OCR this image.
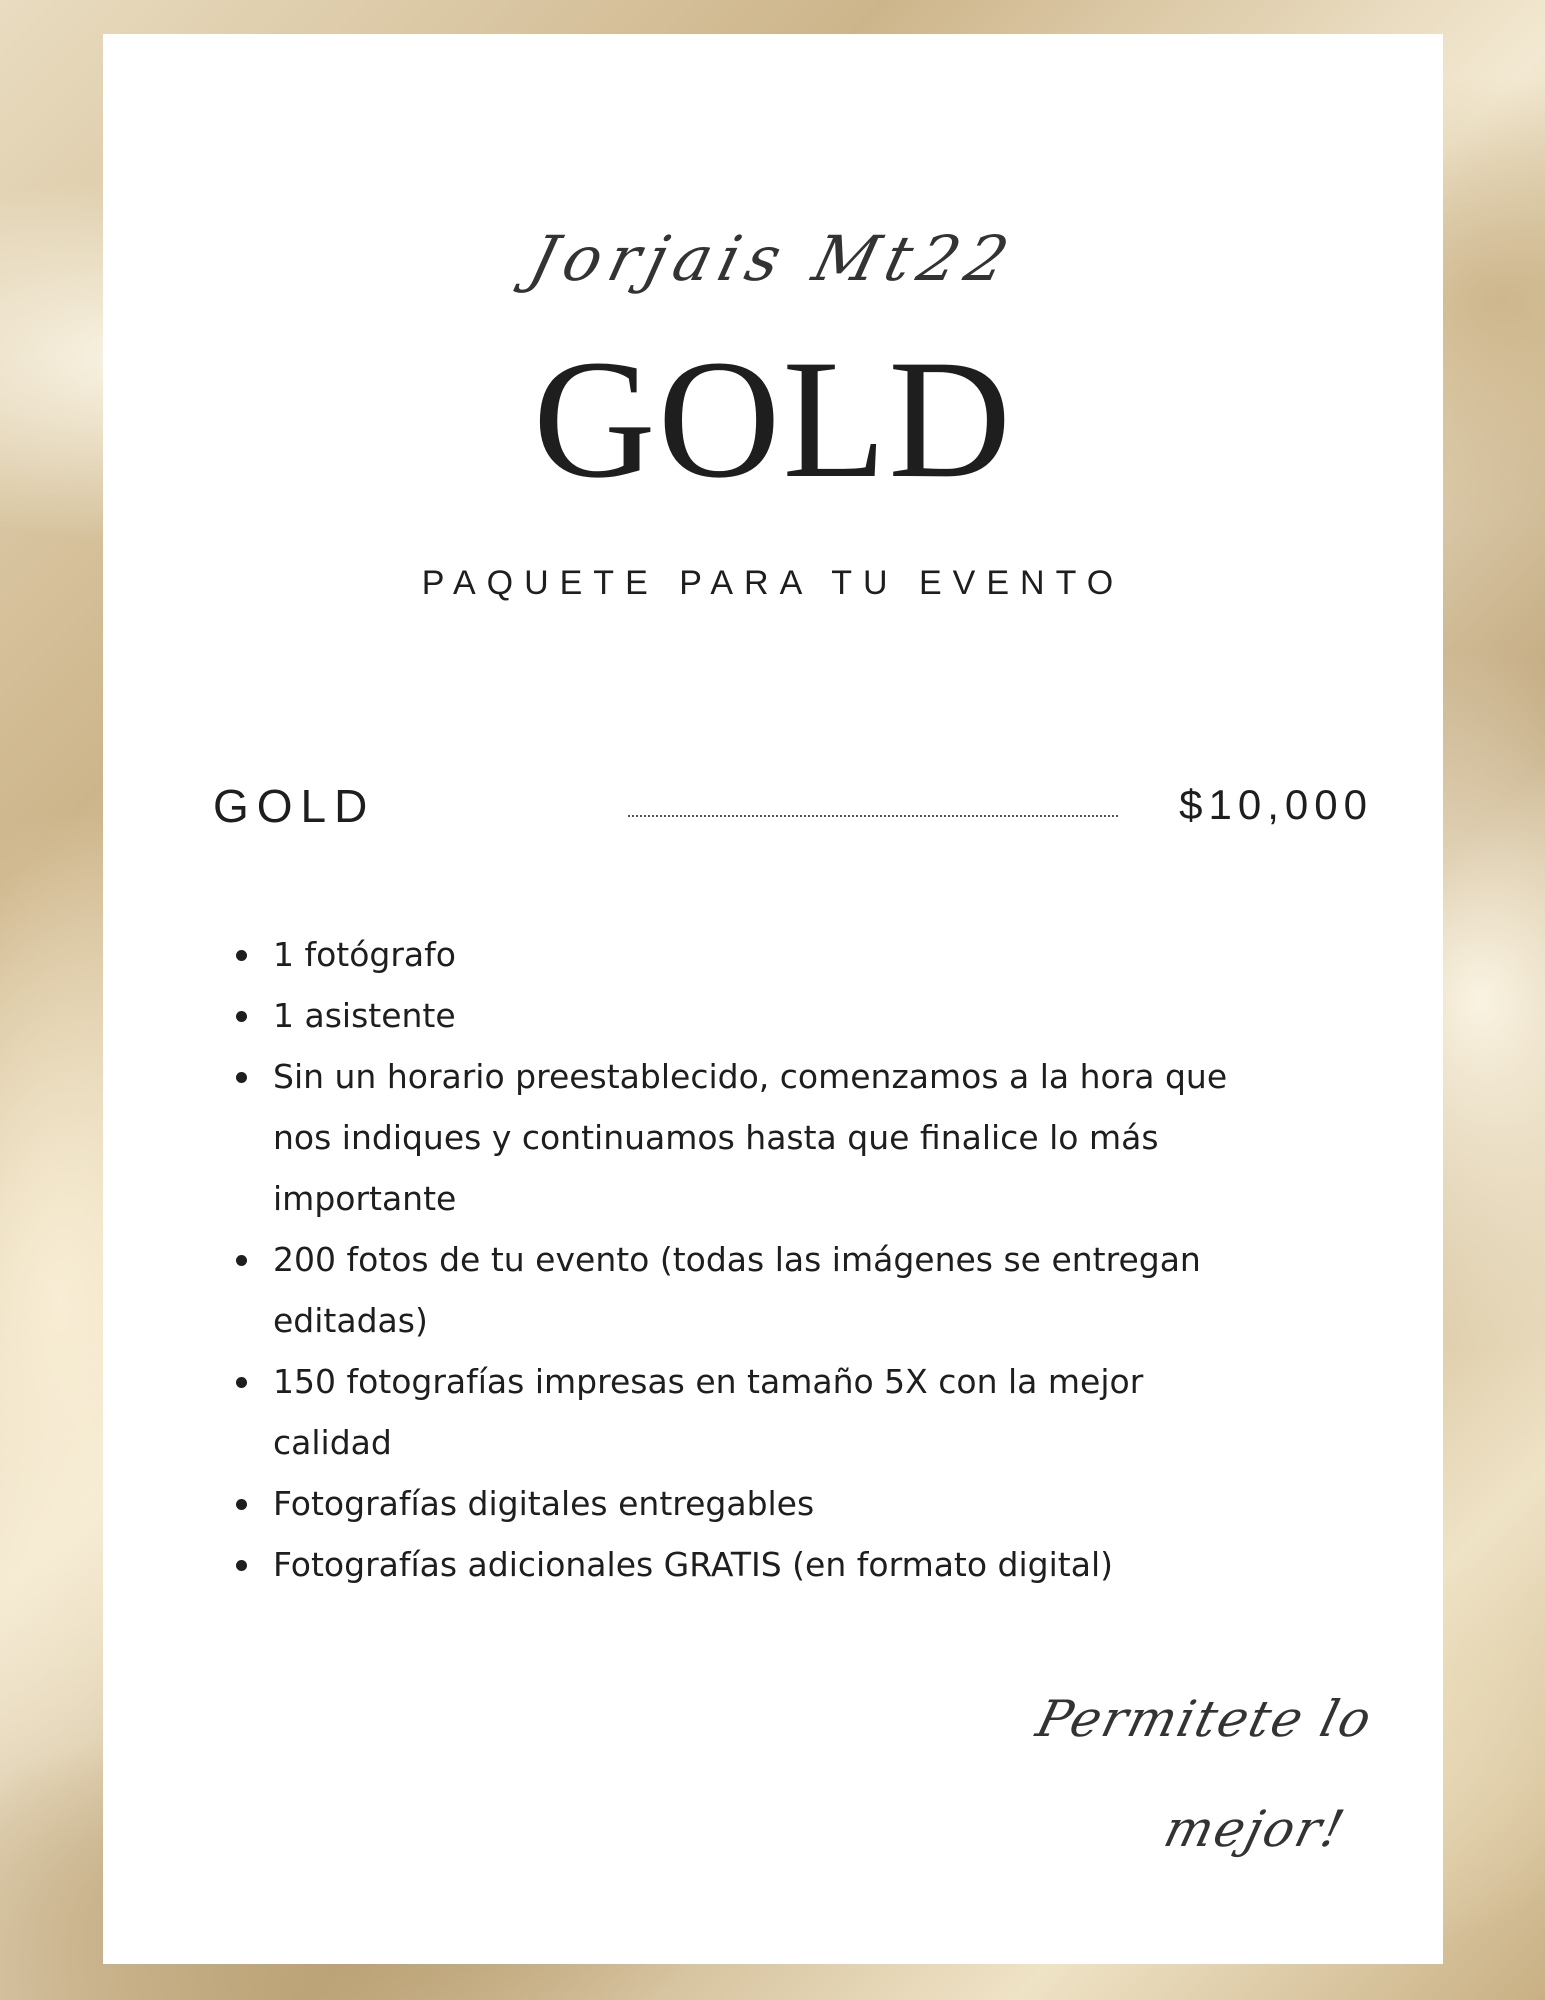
Jorjais Mt22
GOLD
PAQUETE PARA TU EVENTO
GOLD	$10,000
1 fotógrafo
1 asistente
Sin un horario preestablecido, comenzamos a la hora que nos indiques y continuamos hasta que finalice lo más importante
200 fotos de tu evento (todas las imágenes se entregan editadas)
150 fotografías impresas en tamaño 5X con la mejor calidad
Fotografías digitales entregables
Fotografías adicionales GRATIS (en formato digital)
Permitete lo
mejor!
